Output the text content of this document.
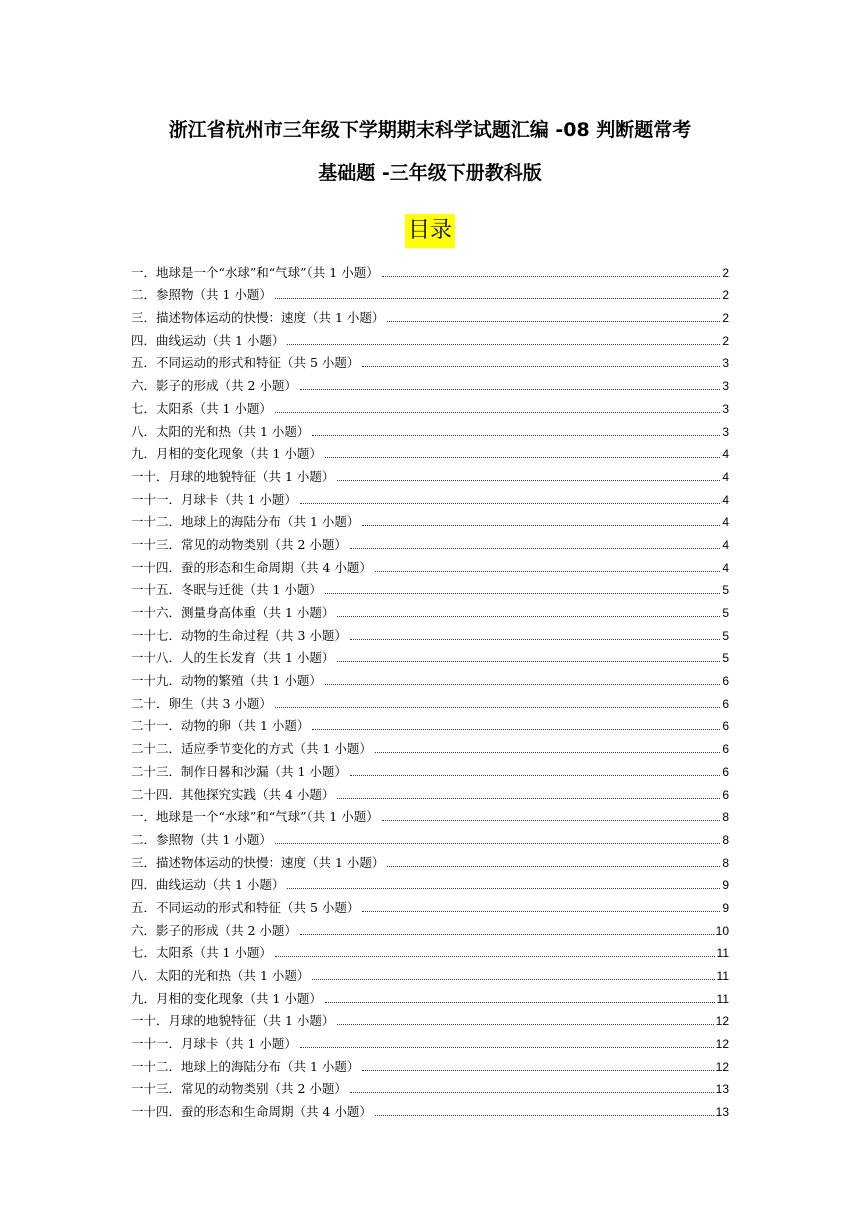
浙江省杭州市三年级下学期期末科学试题汇编 -08 判断题常考
基础题 -三年级下册教科版
目录
一．地球是一个“水球”和“气球”（共 1 小题）	2
二．参照物（共 1 小题）	2
三．描述物体运动的快慢：速度（共 1 小题）	2
四．曲线运动（共 1 小题）	2
五．不同运动的形式和特征（共 5 小题）	3
六．影子的形成（共 2 小题）	3
七．太阳系（共 1 小题）	3
八．太阳的光和热（共 1 小题）	3
九．月相的变化现象（共 1 小题）	4
一十．月球的地貌特征（共 1 小题）	4
一十一．月球卡（共 1 小题）	4
一十二．地球上的海陆分布（共 1 小题）	4
一十三．常见的动物类别（共 2 小题）	4
一十四．蚕的形态和生命周期（共 4 小题）	4
一十五．冬眠与迁徙（共 1 小题）	5
一十六．测量身高体重（共 1 小题）	5
一十七．动物的生命过程（共 3 小题）	5
一十八．人的生长发育（共 1 小题）	5
一十九．动物的繁殖（共 1 小题）	6
二十．卵生（共 3 小题）	6
二十一．动物的卵（共 1 小题）	6
二十二．适应季节变化的方式（共 1 小题）	6
二十三．制作日晷和沙漏（共 1 小题）	6
二十四．其他探究实践（共 4 小题）	6
一．地球是一个“水球”和“气球”（共 1 小题）	8
二．参照物（共 1 小题）	8
三．描述物体运动的快慢：速度（共 1 小题）	8
四．曲线运动（共 1 小题）	9
五．不同运动的形式和特征（共 5 小题）	9
六．影子的形成（共 2 小题）	10
七．太阳系（共 1 小题）	11
八．太阳的光和热（共 1 小题）	11
九．月相的变化现象（共 1 小题）	11
一十．月球的地貌特征（共 1 小题）	12
一十一．月球卡（共 1 小题）	12
一十二．地球上的海陆分布（共 1 小题）	12
一十三．常见的动物类别（共 2 小题）	13
一十四．蚕的形态和生命周期（共 4 小题）	13
